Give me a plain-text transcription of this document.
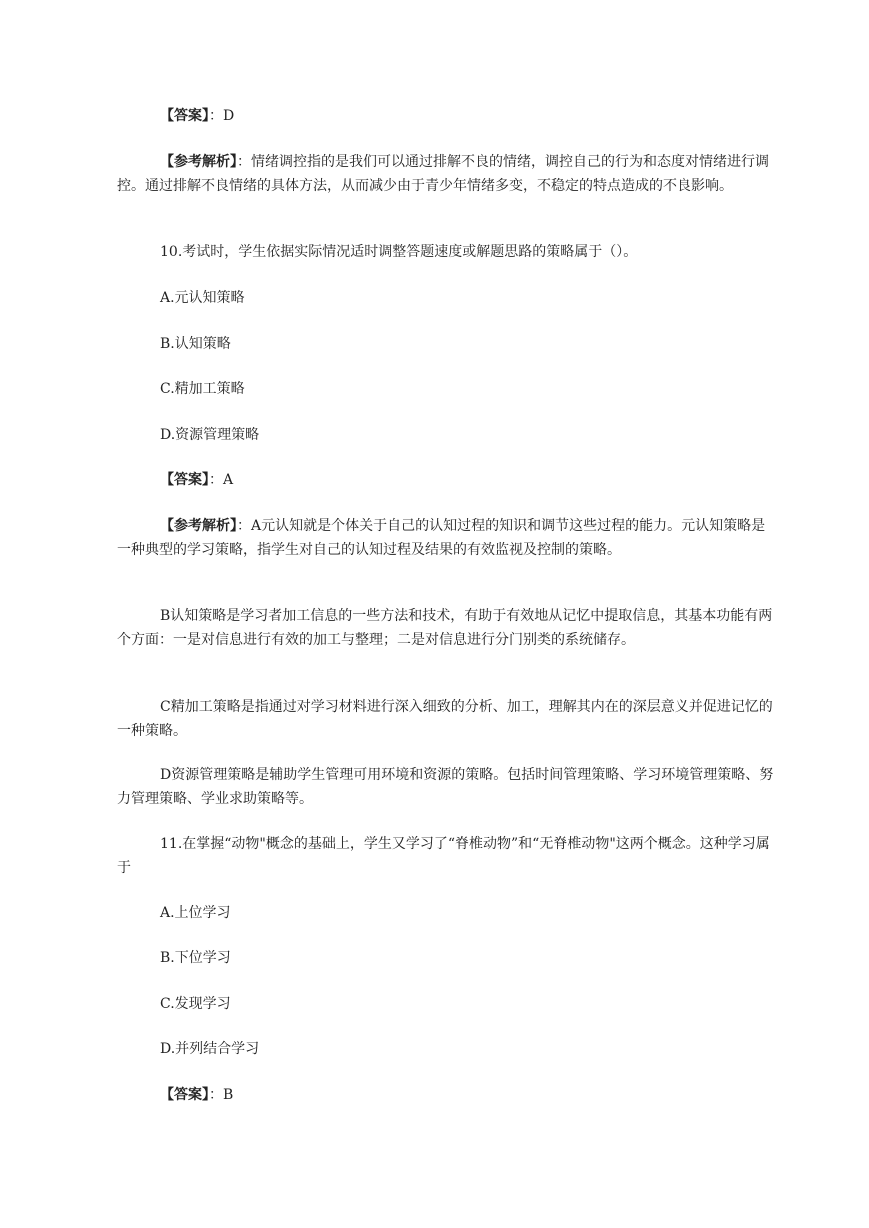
【答案】：D

【参考解析】：情绪调控指的是我们可以通过排解不良的情绪，调控自己的行为和态度对情绪进行调控。通过排解不良情绪的具体方法，从而减少由于青少年情绪多变，不稳定的特点造成的不良影响。

10.考试时，学生依据实际情况适时调整答题速度或解题思路的策略属于（）。

A.元认知策略

B.认知策略

C.精加工策略

D.资源管理策略

【答案】：A

【参考解析】：A元认知就是个体关于自己的认知过程的知识和调节这些过程的能力。元认知策略是一种典型的学习策略，指学生对自己的认知过程及结果的有效监视及控制的策略。

B认知策略是学习者加工信息的一些方法和技术，有助于有效地从记忆中提取信息，其基本功能有两个方面：一是对信息进行有效的加工与整理；二是对信息进行分门别类的系统储存。

C精加工策略是指通过对学习材料进行深入细致的分析、加工，理解其内在的深层意义并促进记忆的一种策略。

D资源管理策略是辅助学生管理可用环境和资源的策略。包括时间管理策略、学习环境管理策略、努力管理策略、学业求助策略等。

11.在掌握“动物"概念的基础上，学生又学习了“脊椎动物”和“无脊椎动物"这两个概念。这种学习属于

A.上位学习

B.下位学习

C.发现学习

D.并列结合学习

【答案】：B
